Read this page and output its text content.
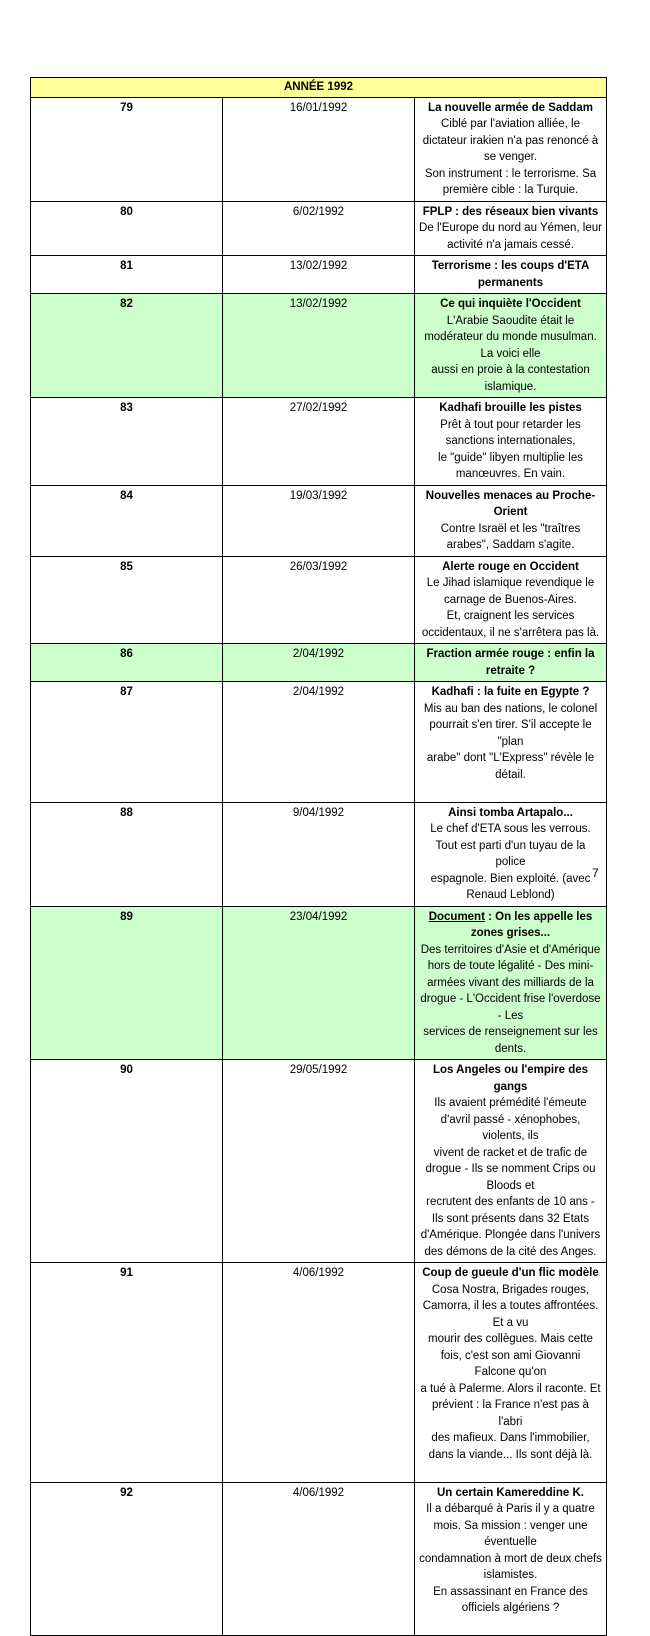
ANNÉE 1992		
79	16/01/1992	La nouvelle armée de Saddam
Ciblé par l'aviation alliée, le dictateur irakien n'a pas renoncé à se venger.
Son instrument : le terrorisme. Sa première cible : la Turquie.

80	6/02/1992	FPLP : des réseaux bien vivants
De l'Europe du nord au Yémen, leur activité n'a jamais cessé.

81	13/02/1992	Terrorisme : les coups d'ETA permanents

82	13/02/1992	Ce qui inquiète l'Occident
L'Arabie Saoudite était le modérateur du monde musulman. La voici elle
aussi en proie à la contestation islamique.

83	27/02/1992	Kadhafi brouille les pistes
Prêt à tout pour retarder les sanctions internationales,
le "guide" libyen multiplie les manœuvres. En vain.

84	19/03/1992	Nouvelles menaces au Proche-Orient
Contre Israël et les "traîtres arabes", Saddam s'agite.

85	26/03/1992	Alerte rouge en Occident
Le Jihad islamique revendique le carnage de Buenos-Aires.
Et, craignent les services occidentaux, il ne s'arrêtera pas là.

86	2/04/1992	Fraction armée rouge : enfin la retraite ?

87	2/04/1992	Kadhafi : la fuite en Egypte ?
Mis au ban des nations, le colonel pourrait s'en tirer. S'il accepte le "plan
arabe" dont "L'Express" révèle le détail.

88	9/04/1992	Ainsi tomba Artapalo...
Le chef d'ETA sous les verrous. Tout est parti d'un tuyau de la police
espagnole. Bien exploité. (avec Renaud Leblond)

89	23/04/1992	Document : On les appelle les zones grises...
Des territoires d'Asie et d'Amérique hors de toute légalité - Des mini-
armées vivant des milliards de la drogue - L'Occident frise l'overdose - Les
services de renseignement sur les dents.

90	29/05/1992	Los Angeles ou l'empire des gangs
Ils avaient prémédité l'émeute d'avril passé - xénophobes, violents, ils
vivent de racket et de trafic de drogue - Ils se nomment Crips ou Bloods et
recrutent des enfants de 10 ans - Ils sont présents dans 32 Etats
d'Amérique. Plongée dans l'univers des démons de la cité des Anges.

91	4/06/1992	Coup de gueule d'un flic modèle
Cosa Nostra, Brigades rouges, Camorra, il les a toutes affrontées. Et a vu
mourir des collègues. Mais cette fois, c'est son ami Giovanni Falcone qu'on
a tué à Palerme. Alors il raconte. Et prévient : la France n'est pas à l'abri
des mafieux. Dans l'immobilier, dans la viande... Ils sont déjà là.

92	4/06/1992	Un certain Kamereddine K.
Il a débarqué à Paris il y a quatre mois. Sa mission : venger une éventuelle
condamnation à mort de deux chefs islamistes.
En assassinant en France des officiels algériens ?

7
